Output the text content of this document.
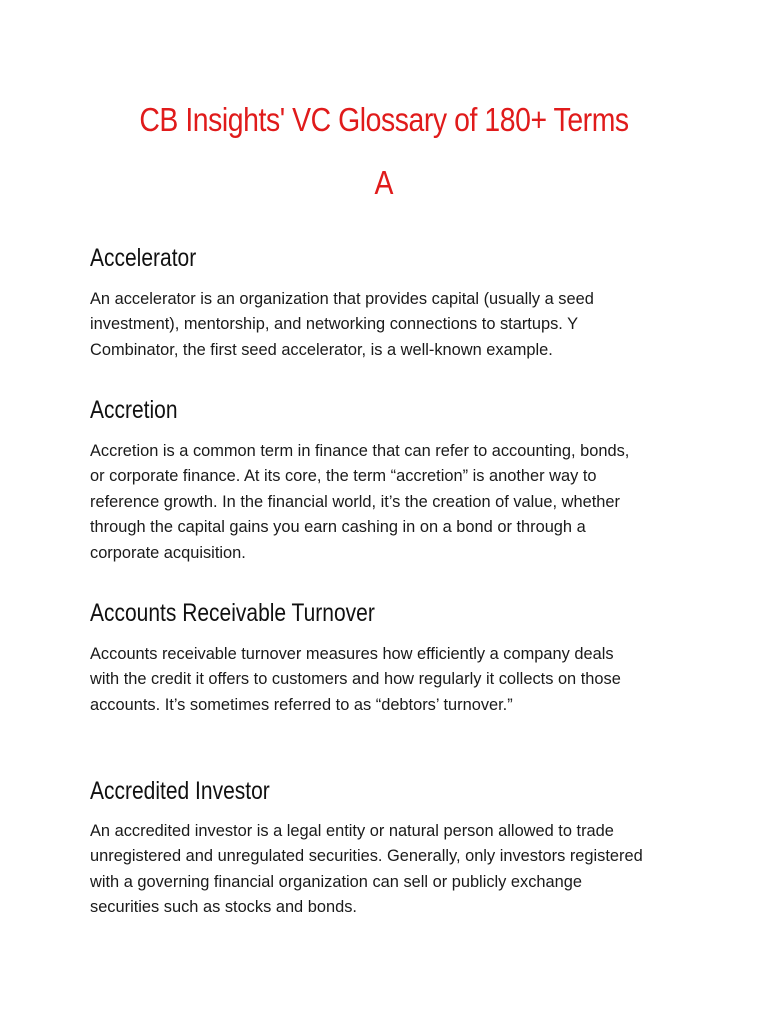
CB Insights' VC Glossary of 180+ Terms
A
Accelerator
An accelerator is an organization that provides capital (usually a seed
investment), mentorship, and networking connections to startups. Y
Combinator, the first seed accelerator, is a well-known example.
Accretion
Accretion is a common term in finance that can refer to accounting, bonds,
or corporate finance. At its core, the term “accretion” is another way to
reference growth. In the financial world, it’s the creation of value, whether
through the capital gains you earn cashing in on a bond or through a
corporate acquisition.
Accounts Receivable Turnover
Accounts receivable turnover measures how efficiently a company deals
with the credit it offers to customers and how regularly it collects on those
accounts. It’s sometimes referred to as “debtors’ turnover.”
Accredited Investor
An accredited investor is a legal entity or natural person allowed to trade
unregistered and unregulated securities. Generally, only investors registered
with a governing financial organization can sell or publicly exchange
securities such as stocks and bonds.
